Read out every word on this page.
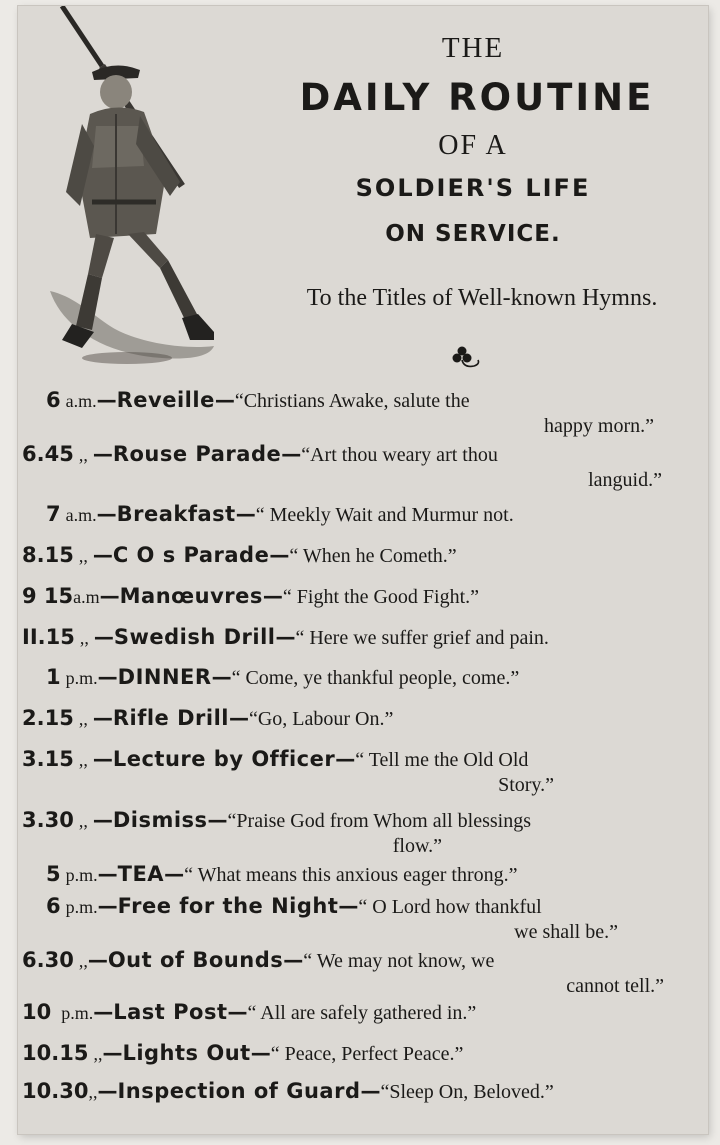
THE
DAILY ROUTINE
OF A
SOLDIER'S LIFE
ON SERVICE.
To the Titles of Well-known Hymns.
6 a.m.—Reveille—“Christians Awake, salute the
happy morn.”
6.45 ,, —Rouse Parade—“Art thou weary art thou
languid.”
7 a.m.—Breakfast—“ Meekly Wait and Murmur not.
8.15 ,, —C O s Parade—“ When he Cometh.”
9 15a.m—Manœuvres—“ Fight the Good Fight.”
II.15 ,, —Swedish Drill—“ Here we suffer grief and pain.
1 p.m.—DINNER—“ Come, ye thankful people, come.”
2.15 ,, —Rifle Drill—“Go, Labour On.”
3.15 ,, —Lecture by Officer—“ Tell me the Old Old
Story.”
3.30 ,, —Dismiss—“Praise God from Whom all blessings
flow.”
5 p.m.—TEA—“ What means this anxious eager throng.”
6 p.m.—Free for the Night—“ O Lord how thankful
we shall be.”
6.30 ,,—Out of Bounds—“ We may not know, we
cannot tell.”
10 p.m.—Last Post—“ All are safely gathered in.”
10.15 ,,—Lights Out—“ Peace, Perfect Peace.”
10.30,,—Inspection of Guard—“Sleep On, Beloved.”
